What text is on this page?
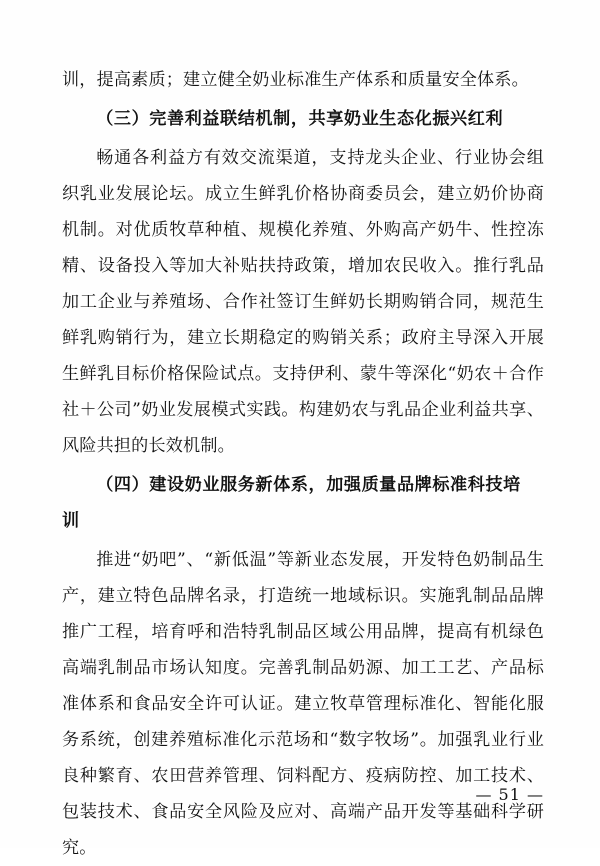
训，提高素质；建立健全奶业标准生产体系和质量安全体系。

（三）完善利益联结机制，共享奶业生态化振兴红利

畅通各利益方有效交流渠道，支持龙头企业、行业协会组织乳业发展论坛。成立生鲜乳价格协商委员会，建立奶价协商机制。对优质牧草种植、规模化养殖、外购高产奶牛、性控冻精、设备投入等加大补贴扶持政策，增加农民收入。推行乳品加工企业与养殖场、合作社签订生鲜奶长期购销合同，规范生鲜乳购销行为，建立长期稳定的购销关系；政府主导深入开展生鲜乳目标价格保险试点。支持伊利、蒙牛等深化“奶农＋合作社＋公司”奶业发展模式实践。构建奶农与乳品企业利益共享、风险共担的长效机制。

（四）建设奶业服务新体系，加强质量品牌标准科技培

训

推进“奶吧”、“新低温”等新业态发展，开发特色奶制品生产，建立特色品牌名录，打造统一地域标识。实施乳制品品牌推广工程，培育呼和浩特乳制品区域公用品牌，提高有机绿色高端乳制品市场认知度。完善乳制品奶源、加工工艺、产品标准体系和食品安全许可认证。建立牧草管理标准化、智能化服务系统，创建养殖标准化示范场和“数字牧场”。加强乳业行业良种繁育、农田营养管理、饲料配方、疫病防控、加工技术、包装技术、食品安全风险及应对、高端产品开发等基础科学研究。

— 51 —
